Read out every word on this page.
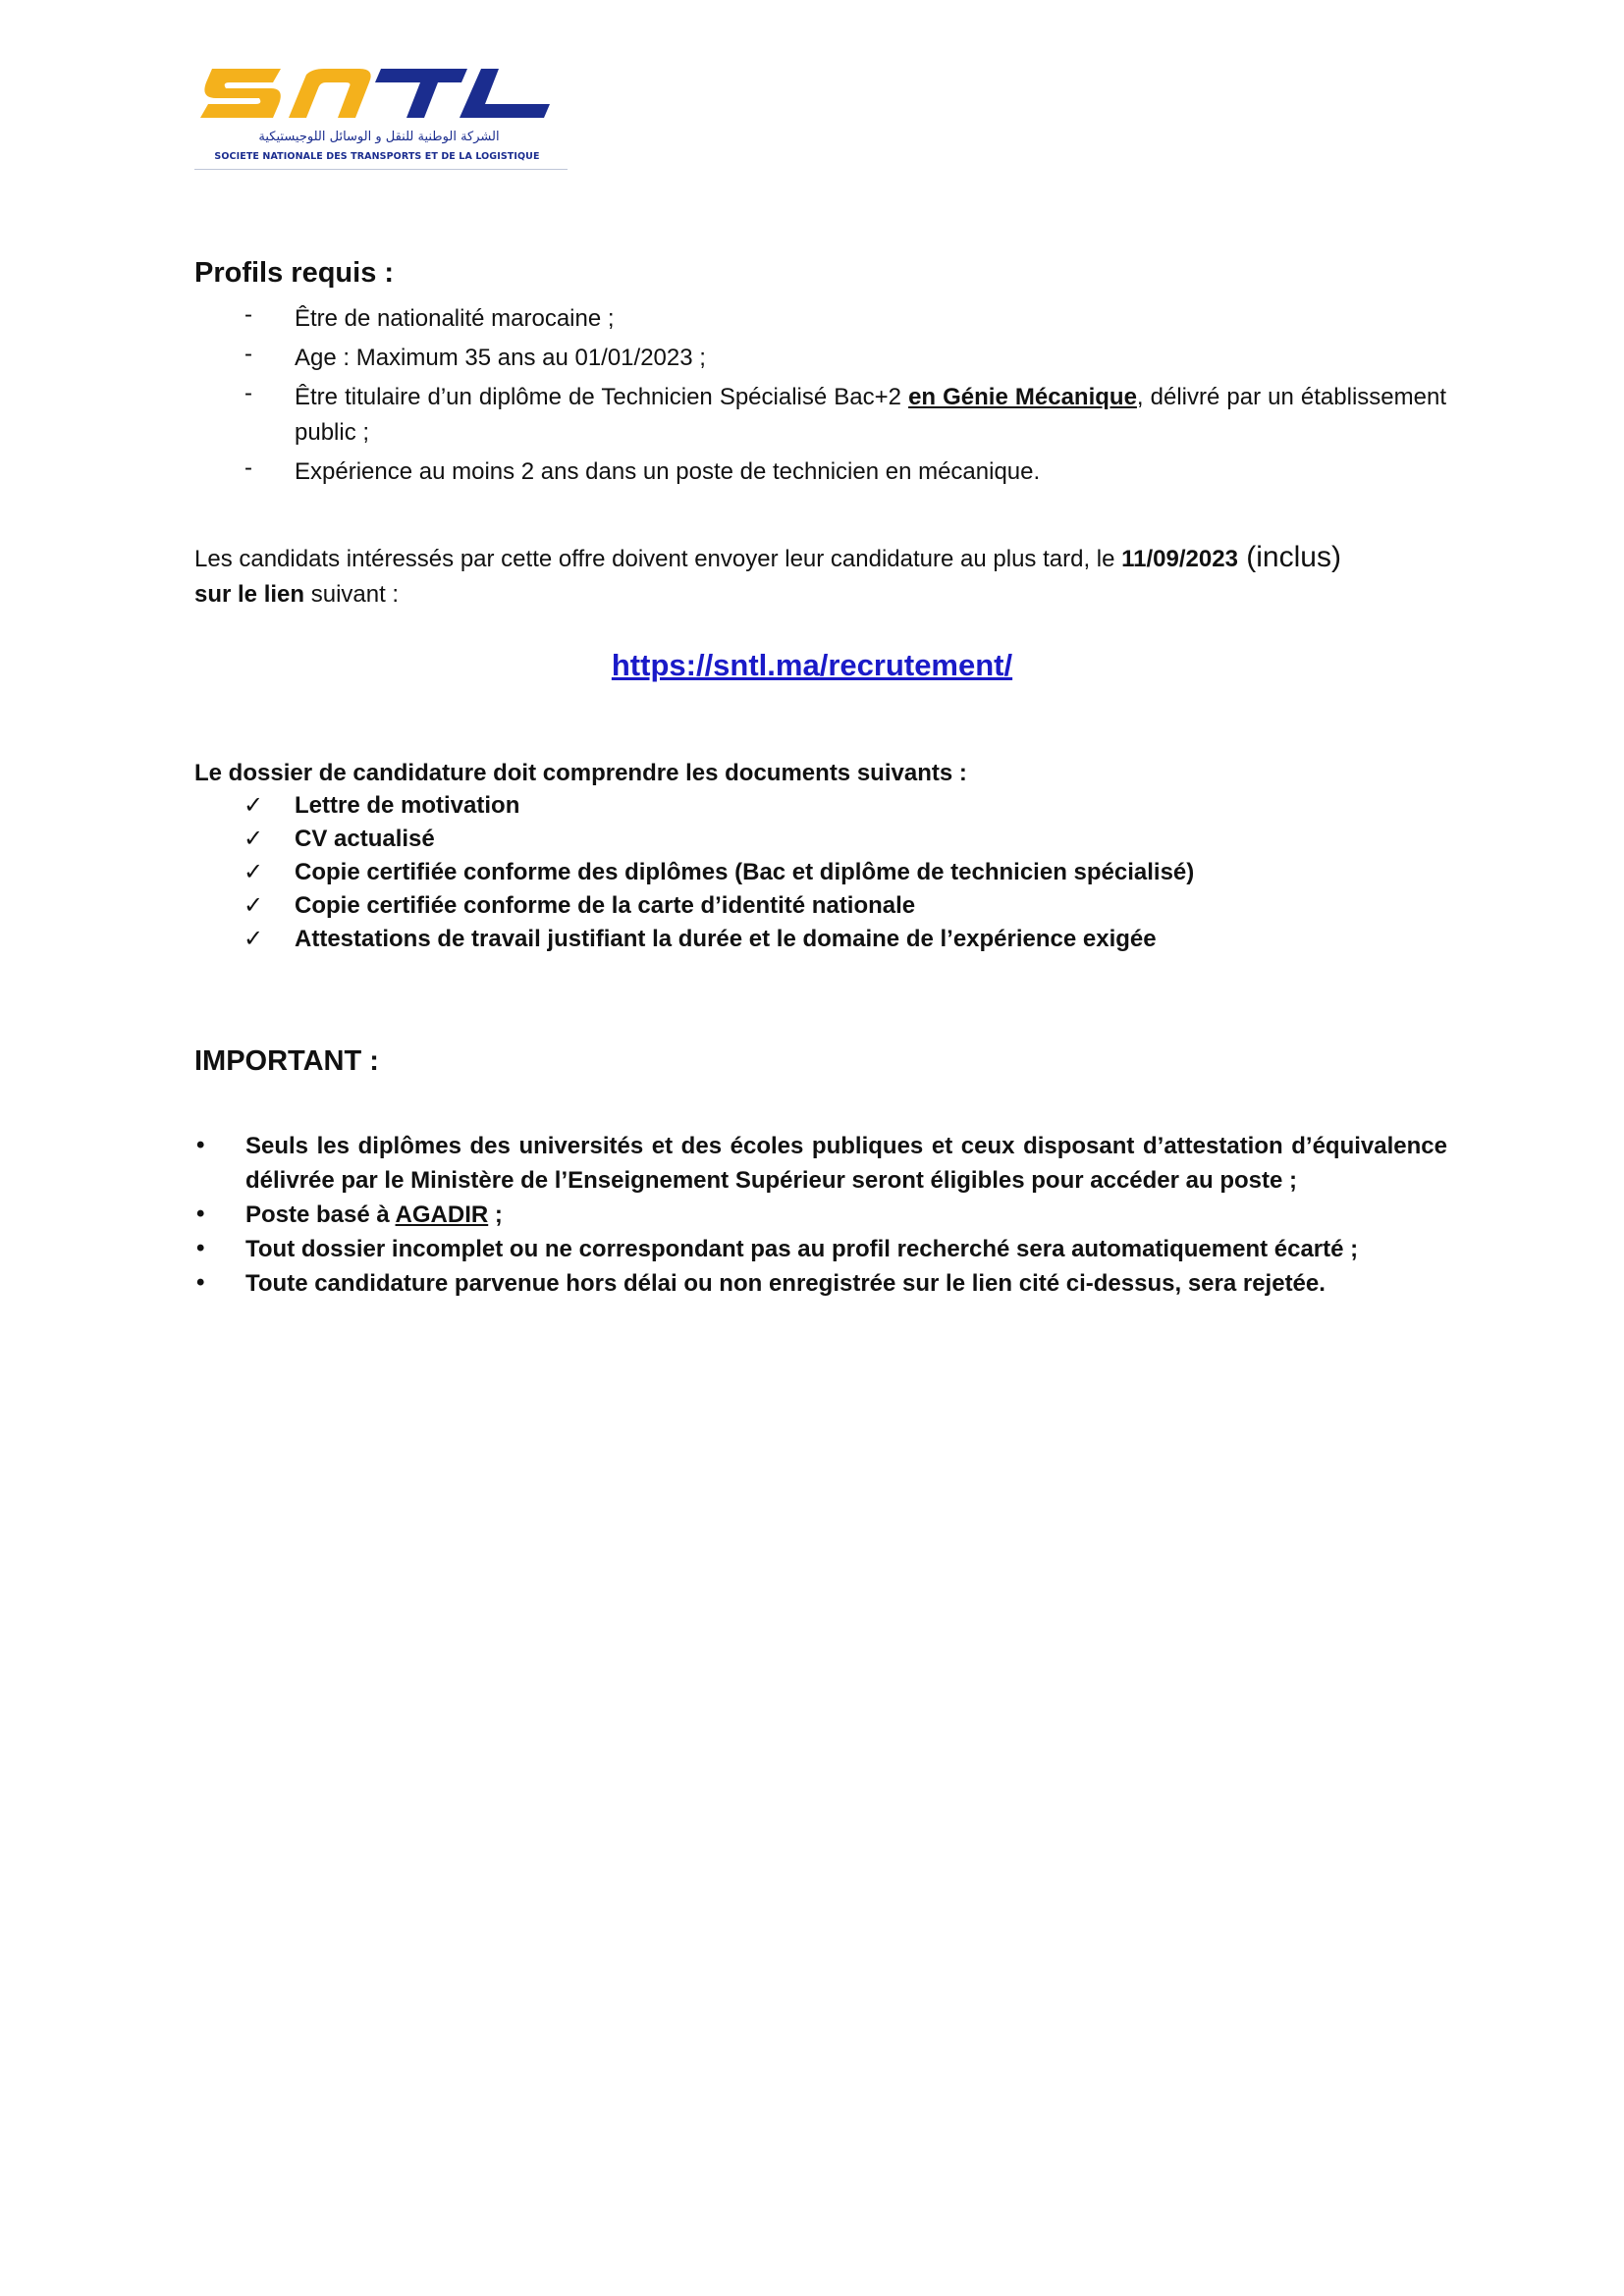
الشركة الوطنية للنقل و الوسائل اللوجيستيكية
SOCIETE NATIONALE DES TRANSPORTS ET DE LA LOGISTIQUE
Profils requis :
- Être de nationalité marocaine ;
- Age : Maximum 35 ans au 01/01/2023 ;
- Être titulaire d’un diplôme de Technicien Spécialisé Bac+2 en Génie Mécanique, délivré par un établissement public ;
- Expérience au moins 2 ans dans un poste de technicien en mécanique.
Les candidats intéressés par cette offre doivent envoyer leur candidature au plus tard, le 11/09/2023 (inclus)
sur le lien suivant :
https://sntl.ma/recrutement/
Le dossier de candidature doit comprendre les documents suivants :
✓ Lettre de motivation
✓ CV actualisé
✓ Copie certifiée conforme des diplômes (Bac et diplôme de technicien spécialisé)
✓ Copie certifiée conforme de la carte d’identité nationale
✓ Attestations de travail justifiant la durée et le domaine de l’expérience exigée
IMPORTANT :
• Seuls les diplômes des universités et des écoles publiques et ceux disposant d’attestation d’équivalence délivrée par le Ministère de l’Enseignement Supérieur seront éligibles pour accéder au poste ;
• Poste basé à AGADIR ;
• Tout dossier incomplet ou ne correspondant pas au profil recherché sera automatiquement écarté ;
• Toute candidature parvenue hors délai ou non enregistrée sur le lien cité ci-dessus, sera rejetée.
